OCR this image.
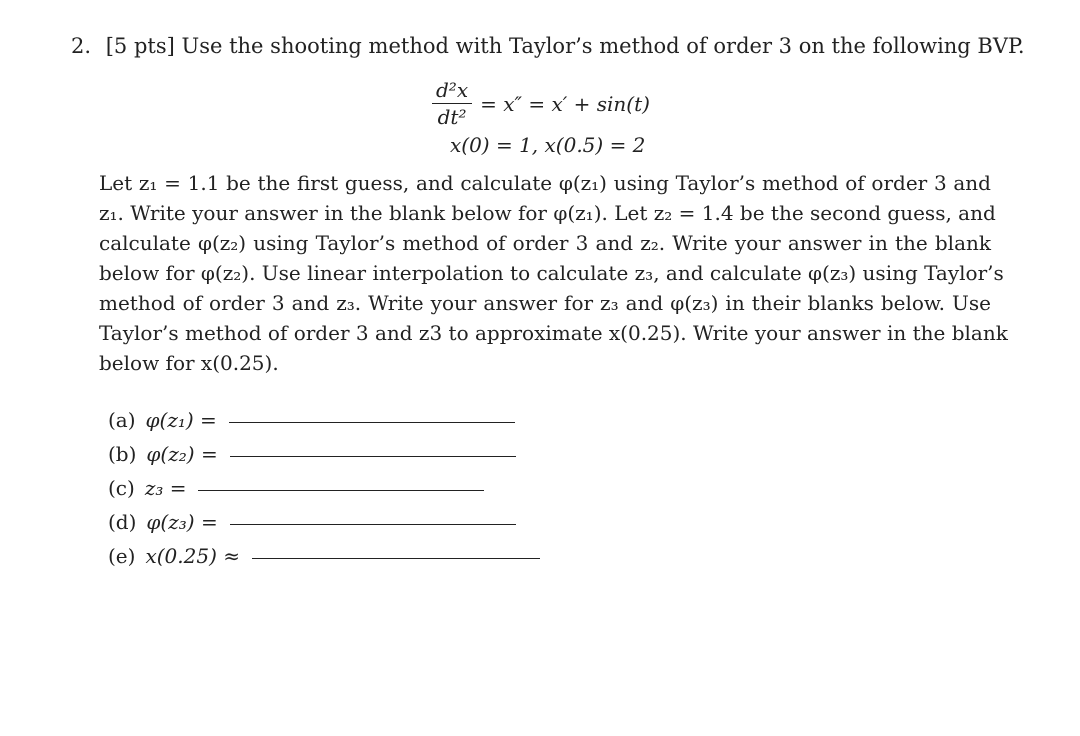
2. [5 pts] Use the shooting method with Taylor’s method of order 3 on the following BVP.
$\frac{\text{d²x}}{\text{dt²}} = x'' = x' + \sin(t)$
x(0) = 1, x(0.5) = 2
Let z₁ = 1.1 be the first guess, and calculate φ(z₁) using Taylor’s method of order 3 and
z₁. Write your answer in the blank below for φ(z₁). Let z₂ = 1.4 be the second guess, and
calculate φ(z₂) using Taylor’s method of order 3 and z₂. Write your answer in the blank
below for φ(z₂). Use linear interpolation to calculate z₃, and calculate φ(z₃) using Taylor’s
method of order 3 and z₃. Write your answer for z₃ and φ(z₃) in their blanks below. Use
Taylor’s method of order 3 and z3 to approximate x(0.25). Write your answer in the blank
below for x(0.25).
(a) φ(z₁) =
(b) φ(z₂) =
(c) z₃ =
(d) φ(z₃) =
(e) x(0.25) ≈
